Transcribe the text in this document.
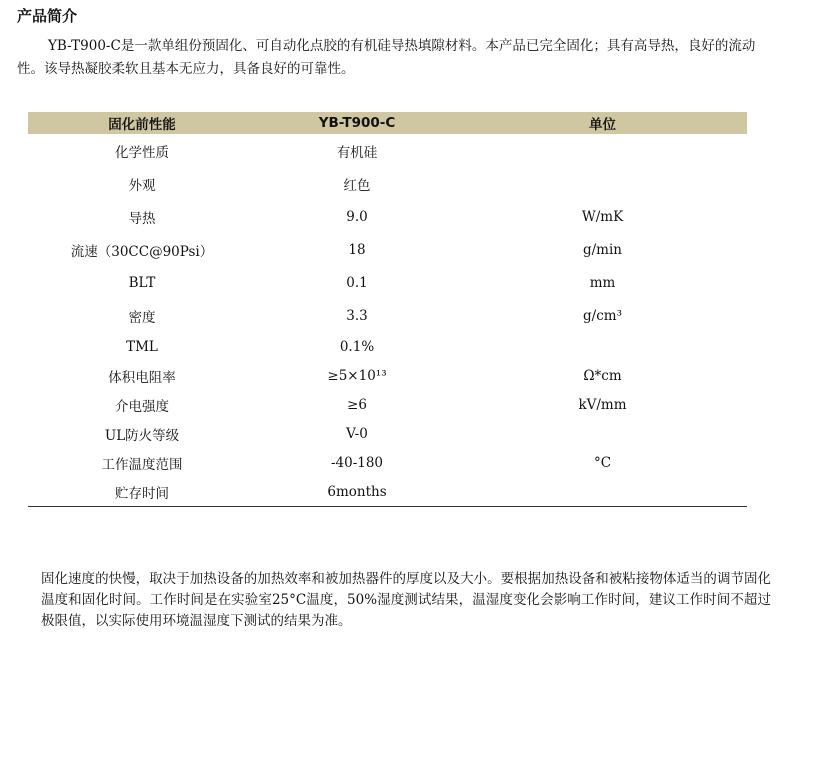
产品简介

YB-T900-C是一款单组份预固化、可自动化点胶的有机硅导热填隙材料。本产品已完全固化；具有高导热，良好的流动性。该导热凝胶柔软且基本无应力，具备良好的可靠性。

固化前性能	YB-T900-C	单位
化学性质	有机硅	
外观	红色	
导热	9.0	W/mK
流速（30CC@90Psi）	18	g/min
BLT	0.1	mm
密度	3.3	g/cm³
TML	0.1%	
体积电阻率	≥5×10¹³	Ω*cm
介电强度	≥6	kV/mm
UL防火等级	V-0	
工作温度范围	-40-180	°C
贮存时间	6months	

固化速度的快慢，取决于加热设备的加热效率和被加热器件的厚度以及大小。要根据加热设备和被粘接物体适当的调节固化温度和固化时间。工作时间是在实验室25°C温度，50%湿度测试结果，温湿度变化会影响工作时间，建议工作时间不超过极限值，以实际使用环境温湿度下测试的结果为准。
